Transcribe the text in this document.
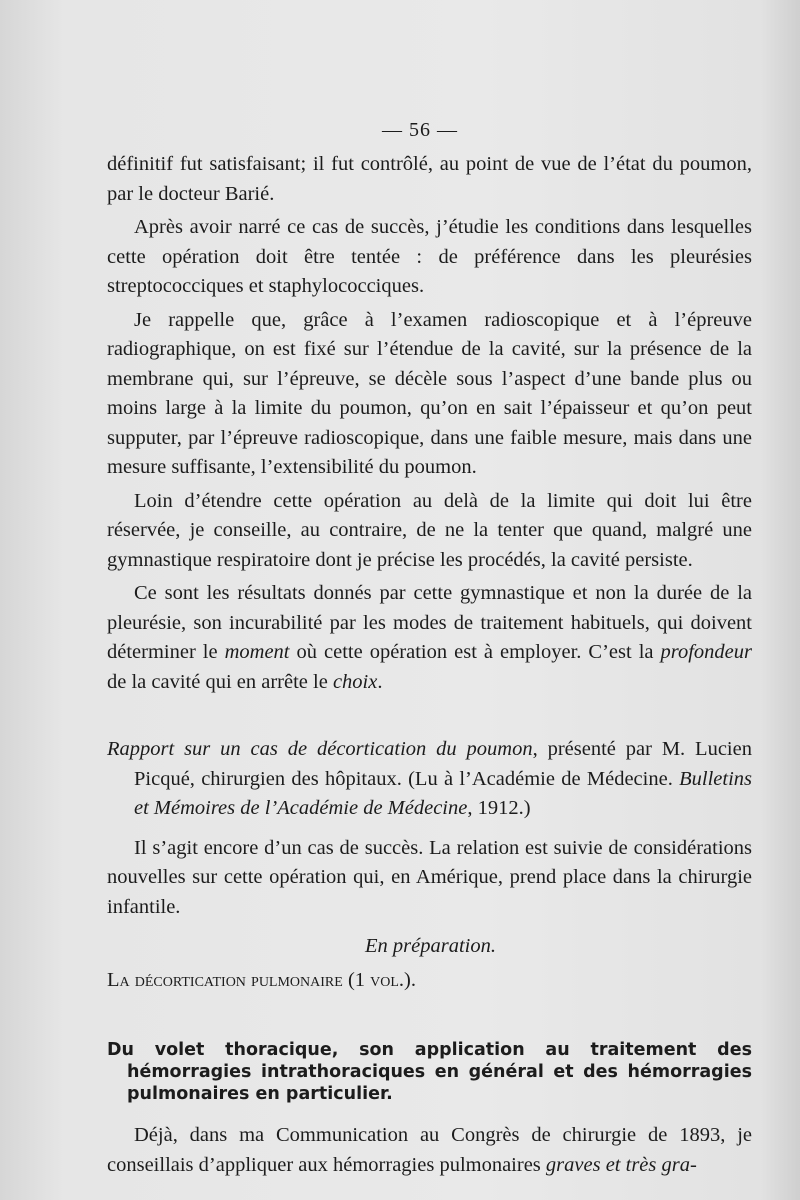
— 56 —

définitif fut satisfaisant; il fut contrôlé, au point de vue de l’état du poumon, par le docteur Barié.

Après avoir narré ce cas de succès, j’étudie les conditions dans lesquelles cette opération doit être tentée : de préférence dans les pleurésies streptococciques et staphylococciques.

Je rappelle que, grâce à l’examen radioscopique et à l’épreuve radiographique, on est fixé sur l’étendue de la cavité, sur la présence de la membrane qui, sur l’épreuve, se décèle sous l’aspect d’une bande plus ou moins large à la limite du poumon, qu’on en sait l’épaisseur et qu’on peut supputer, par l’épreuve radioscopique, dans une faible mesure, mais dans une mesure suffisante, l’extensibilité du poumon.

Loin d’étendre cette opération au delà de la limite qui doit lui être réservée, je conseille, au contraire, de ne la tenter que quand, malgré une gymnastique respiratoire dont je précise les procédés, la cavité persiste.

Ce sont les résultats donnés par cette gymnastique et non la durée de la pleurésie, son incurabilité par les modes de traitement habituels, qui doivent déterminer le moment où cette opération est à employer. C’est la profondeur de la cavité qui en arrête le choix.

Rapport sur un cas de décortication du poumon, présenté par M. Lucien Picqué, chirurgien des hôpitaux. (Lu à l’Académie de Médecine. Bulletins et Mémoires de l’Académie de Médecine, 1912.)

Il s’agit encore d’un cas de succès. La relation est suivie de considérations nouvelles sur cette opération qui, en Amérique, prend place dans la chirurgie infantile.

En préparation.

La décortication pulmonaire (1 vol.).

Du volet thoracique, son application au traitement des hémorragies intrathoraciques en général et des hémorragies pulmonaires en particulier.

Déjà, dans ma Communication au Congrès de chirurgie de 1893, je conseillais d’appliquer aux hémorragies pulmonaires graves et très gra-
